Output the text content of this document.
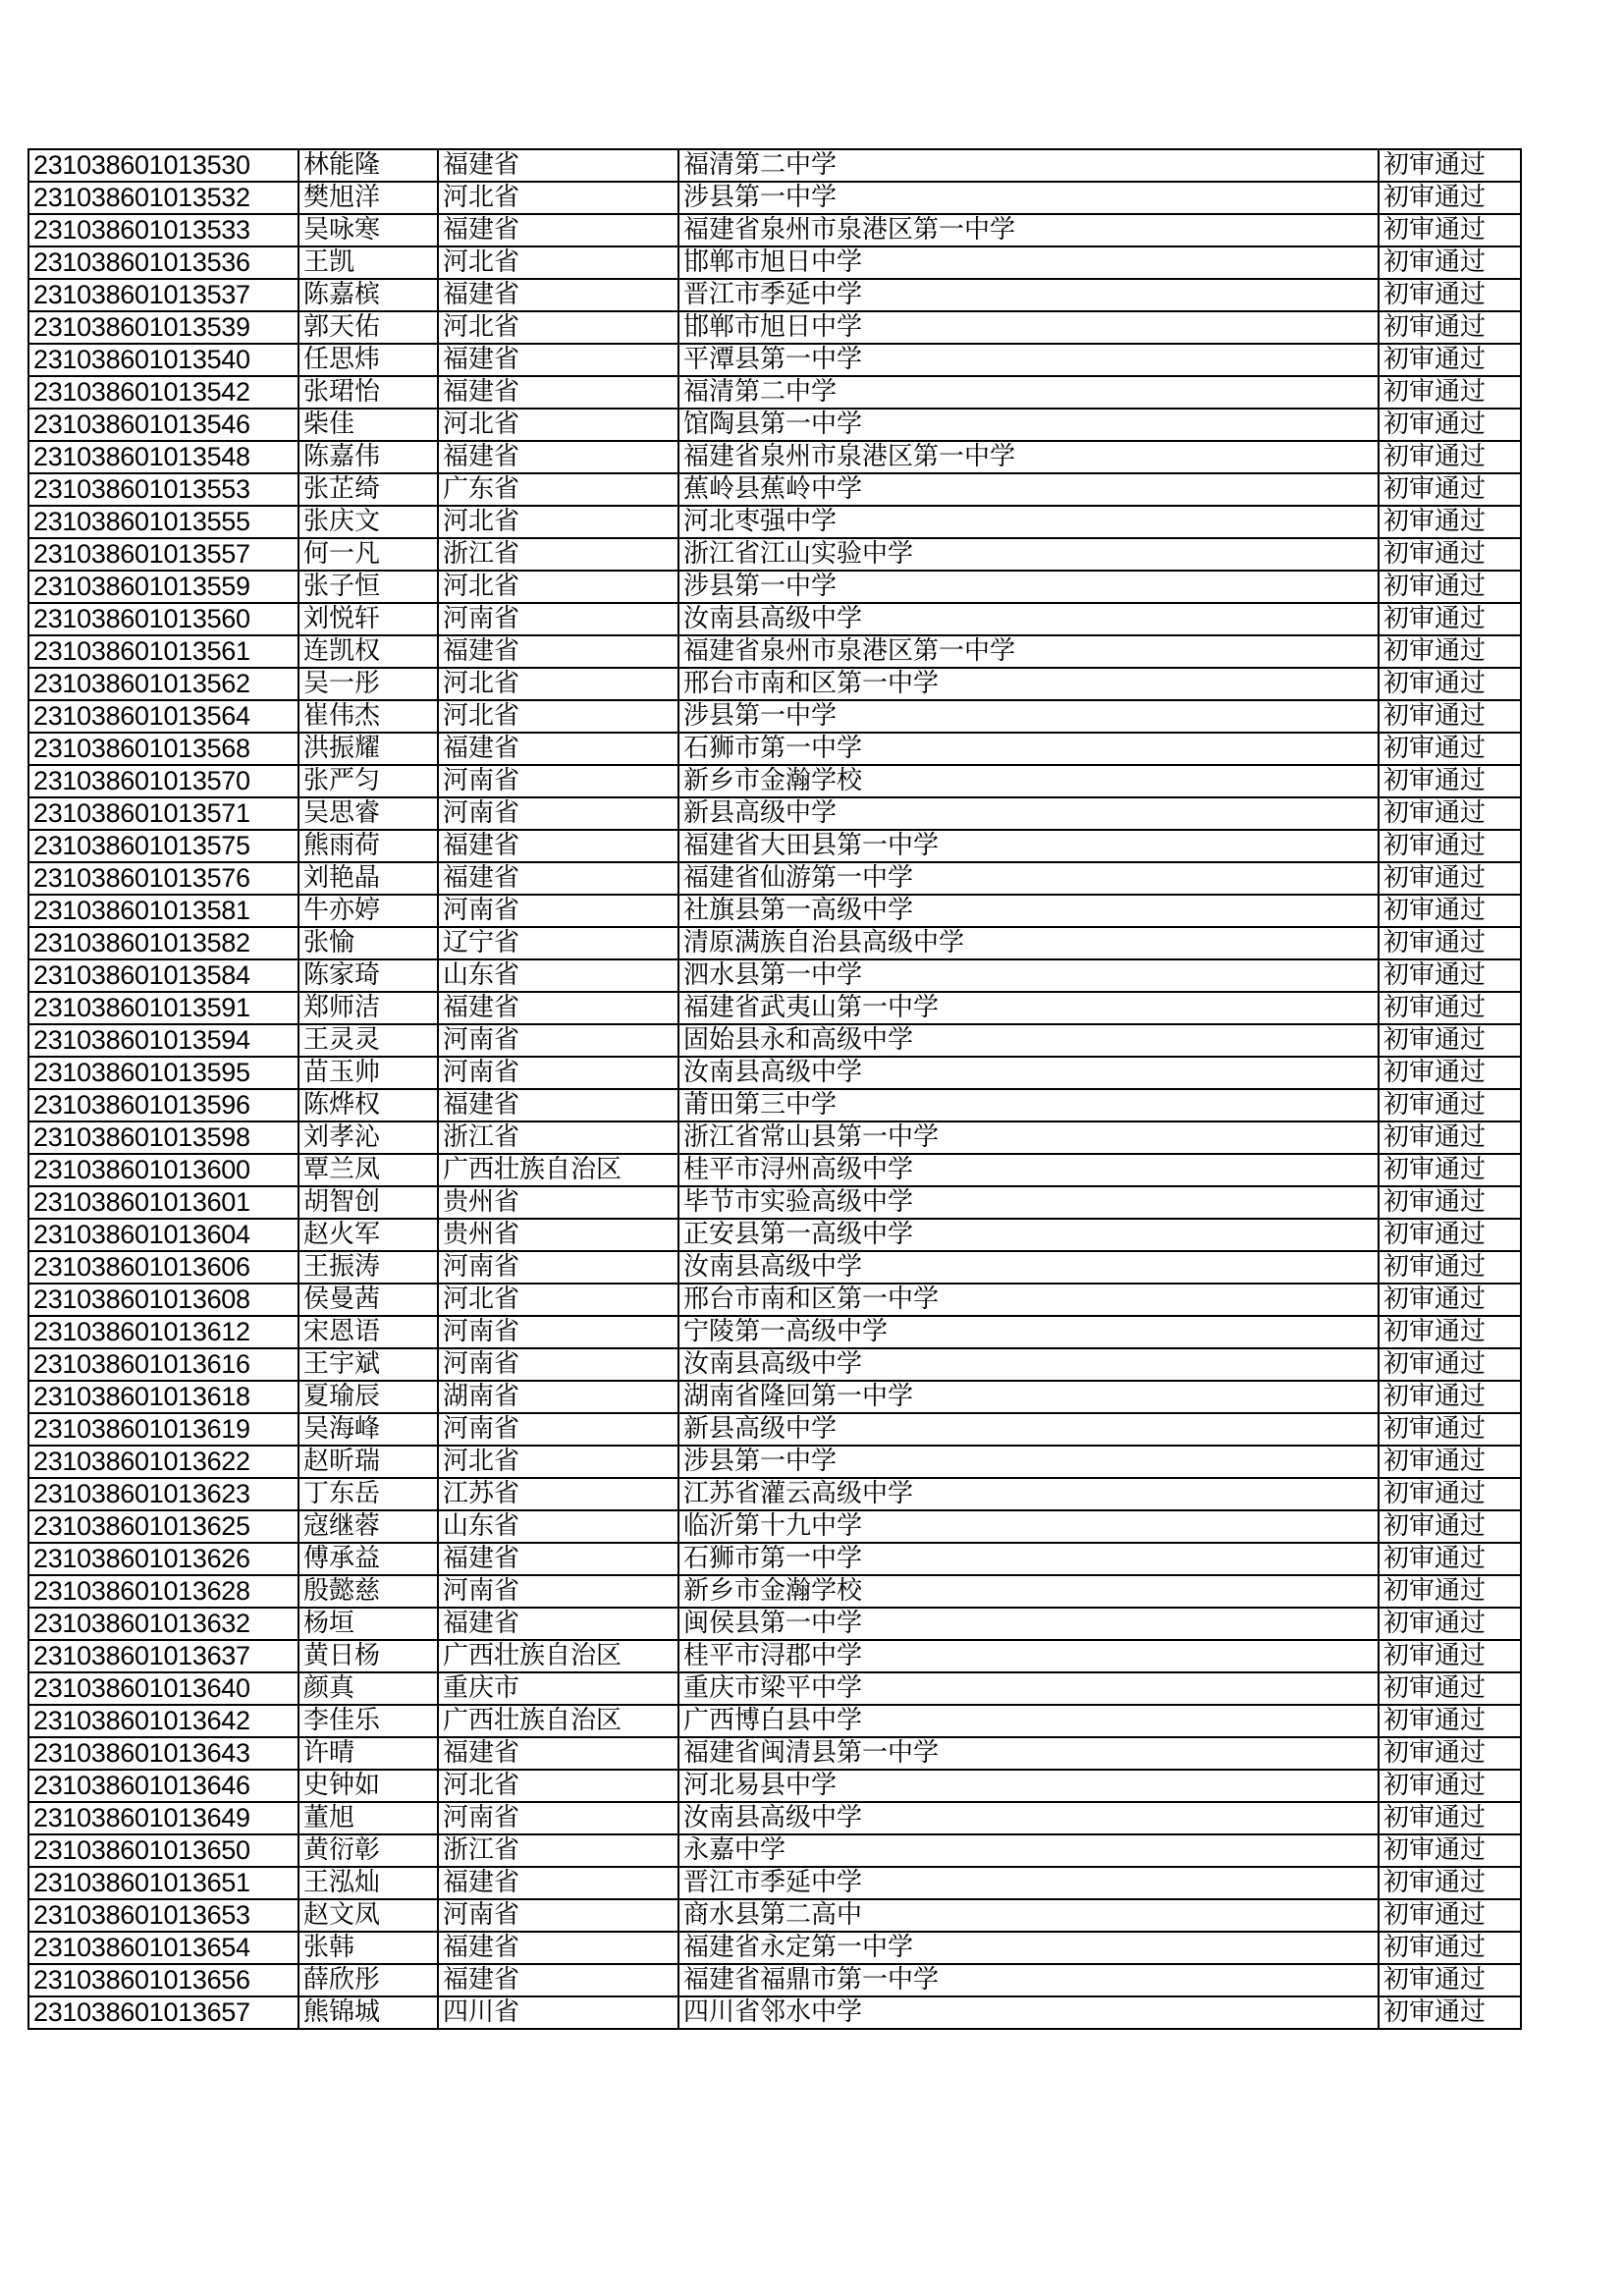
231038601013530	林能隆	福建省	福清第二中学	初审通过
231038601013532	樊旭洋	河北省	涉县第一中学	初审通过
231038601013533	吴咏寒	福建省	福建省泉州市泉港区第一中学	初审通过
231038601013536	王凯	河北省	邯郸市旭日中学	初审通过
231038601013537	陈嘉槟	福建省	晋江市季延中学	初审通过
231038601013539	郭天佑	河北省	邯郸市旭日中学	初审通过
231038601013540	任思炜	福建省	平潭县第一中学	初审通过
231038601013542	张珺怡	福建省	福清第二中学	初审通过
231038601013546	柴佳	河北省	馆陶县第一中学	初审通过
231038601013548	陈嘉伟	福建省	福建省泉州市泉港区第一中学	初审通过
231038601013553	张芷绮	广东省	蕉岭县蕉岭中学	初审通过
231038601013555	张庆文	河北省	河北枣强中学	初审通过
231038601013557	何一凡	浙江省	浙江省江山实验中学	初审通过
231038601013559	张子恒	河北省	涉县第一中学	初审通过
231038601013560	刘悦轩	河南省	汝南县高级中学	初审通过
231038601013561	连凯权	福建省	福建省泉州市泉港区第一中学	初审通过
231038601013562	吴一彤	河北省	邢台市南和区第一中学	初审通过
231038601013564	崔伟杰	河北省	涉县第一中学	初审通过
231038601013568	洪振耀	福建省	石狮市第一中学	初审通过
231038601013570	张严匀	河南省	新乡市金瀚学校	初审通过
231038601013571	吴思睿	河南省	新县高级中学	初审通过
231038601013575	熊雨荷	福建省	福建省大田县第一中学	初审通过
231038601013576	刘艳晶	福建省	福建省仙游第一中学	初审通过
231038601013581	牛亦婷	河南省	社旗县第一高级中学	初审通过
231038601013582	张愉	辽宁省	清原满族自治县高级中学	初审通过
231038601013584	陈家琦	山东省	泗水县第一中学	初审通过
231038601013591	郑师洁	福建省	福建省武夷山第一中学	初审通过
231038601013594	王灵灵	河南省	固始县永和高级中学	初审通过
231038601013595	苗玉帅	河南省	汝南县高级中学	初审通过
231038601013596	陈烨权	福建省	莆田第三中学	初审通过
231038601013598	刘孝沁	浙江省	浙江省常山县第一中学	初审通过
231038601013600	覃兰凤	广西壮族自治区	桂平市浔州高级中学	初审通过
231038601013601	胡智创	贵州省	毕节市实验高级中学	初审通过
231038601013604	赵火军	贵州省	正安县第一高级中学	初审通过
231038601013606	王振涛	河南省	汝南县高级中学	初审通过
231038601013608	侯曼茜	河北省	邢台市南和区第一中学	初审通过
231038601013612	宋恩语	河南省	宁陵第一高级中学	初审通过
231038601013616	王宇斌	河南省	汝南县高级中学	初审通过
231038601013618	夏瑜辰	湖南省	湖南省隆回第一中学	初审通过
231038601013619	吴海峰	河南省	新县高级中学	初审通过
231038601013622	赵昕瑞	河北省	涉县第一中学	初审通过
231038601013623	丁东岳	江苏省	江苏省灌云高级中学	初审通过
231038601013625	寇继蓉	山东省	临沂第十九中学	初审通过
231038601013626	傅承益	福建省	石狮市第一中学	初审通过
231038601013628	殷懿慈	河南省	新乡市金瀚学校	初审通过
231038601013632	杨垣	福建省	闽侯县第一中学	初审通过
231038601013637	黄日杨	广西壮族自治区	桂平市浔郡中学	初审通过
231038601013640	颜真	重庆市	重庆市梁平中学	初审通过
231038601013642	李佳乐	广西壮族自治区	广西博白县中学	初审通过
231038601013643	许晴	福建省	福建省闽清县第一中学	初审通过
231038601013646	史钟如	河北省	河北易县中学	初审通过
231038601013649	董旭	河南省	汝南县高级中学	初审通过
231038601013650	黄衍彰	浙江省	永嘉中学	初审通过
231038601013651	王泓灿	福建省	晋江市季延中学	初审通过
231038601013653	赵文凤	河南省	商水县第二高中	初审通过
231038601013654	张韩	福建省	福建省永定第一中学	初审通过
231038601013656	薛欣彤	福建省	福建省福鼎市第一中学	初审通过
231038601013657	熊锦城	四川省	四川省邻水中学	初审通过
